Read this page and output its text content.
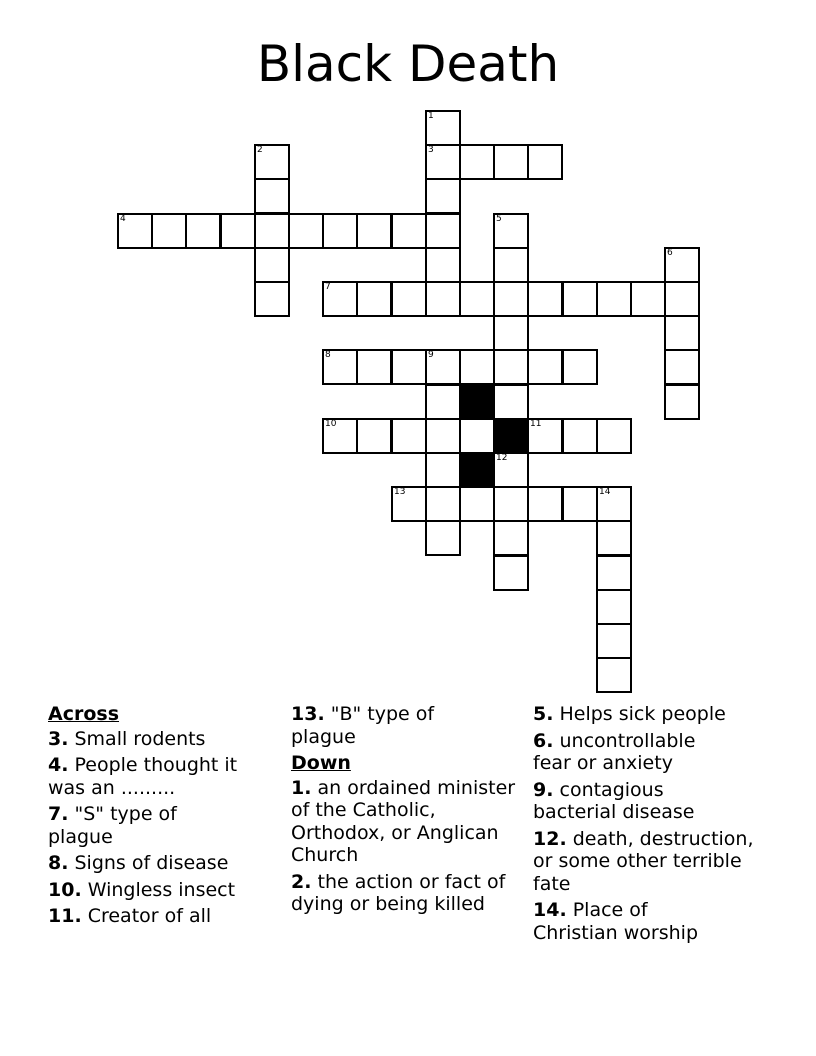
Black Death
1
2	3
4	5
6
7
8	9
10	11
12
13	14
Across
3. Small rodents
4. People thought it was an .........
7. "S" type of plague
8. Signs of disease
10. Wingless insect
11. Creator of all
13. "B" type of plague
Down
1. an ordained minister of the Catholic, Orthodox, or Anglican Church
2. the action or fact of dying or being killed
5. Helps sick people
6. uncontrollable fear or anxiety
9. contagious bacterial disease
12. death, destruction, or some other terrible fate
14. Place of Christian worship
